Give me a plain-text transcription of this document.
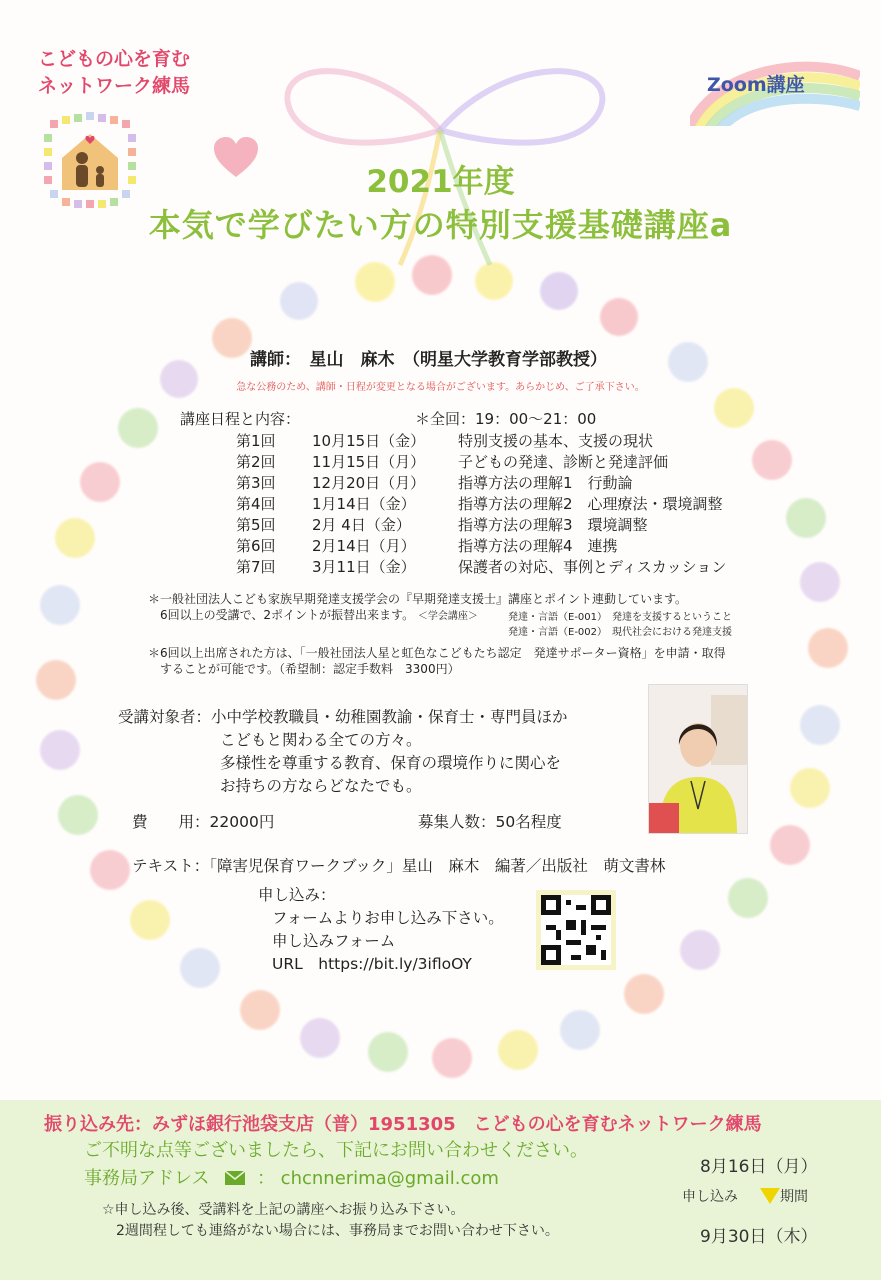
こどもの心を育む
ネットワーク練馬	Zoom講座
2021年度
本気で学びたい方の特別支援基礎講座a
講師：　星山　麻木　（明星大学教育学部教授）
急な公務のため、講師・日程が変更となる場合がございます。あらかじめ、ご了承下さい。
講座日程と内容：	＊全回：19：00～21：00
第1回 10月15日（金） 特別支援の基本、支援の現状
第2回 11月15日（月） 子どもの発達、診断と発達評価
第3回 12月20日（月） 指導方法の理解1　行動論
第4回1月14日（金）	指導方法の理解2　心理療法・環境調整
第5回2月 4日（金）	指導方法の理解3　環境調整
第6回2月14日（月）	指導方法の理解4　連携
第7回3月11日（金）	保護者の対応、事例とディスカッション
＊一般社団法人こども家族早期発達支援学会の『早期発達支援士』講座とポイント連動しています。
6回以上の受講で、2ポイントが振替出来ます。 ＜学会講座＞	発達・言語（E-001）　発達を支援するということ
発達・言語（E-002）　現代社会における発達支援
＊6回以上出席された方は、「一般社団法人星と虹色なこどもたち認定　発達サポーター資格」を申請・取得
することが可能です。（希望制：認定手数料　3300円）
受講対象者：小中学校教職員・幼稚園教諭・保育士・専門員ほか
こどもと関わる全ての方々。
多様性を尊重する教育、保育の環境作りに関心を
お持ちの方ならどなたでも。
費　　用：22000円	募集人数：50名程度
テキスト：「障害児保育ワークブック」星山　麻木　編著／出版社　萌文書林
申し込み：
フォームよりお申し込み下さい。
申し込みフォーム
URL　https://bit.ly/3ifloOY
振り込み先：みずほ銀行池袋支店（普）1951305　こどもの心を育むネットワーク練馬
ご不明な点等ございましたら、下記にお問い合わせください。
事務局アドレス	： chcnnerima@gmail.com
☆申し込み後、受講料を上記の講座へお振り込み下さい。
2週間程しても連絡がない場合には、事務局までお問い合わせ下さい。
8月16日（月）
申し込み	期間
9月30日（木）
